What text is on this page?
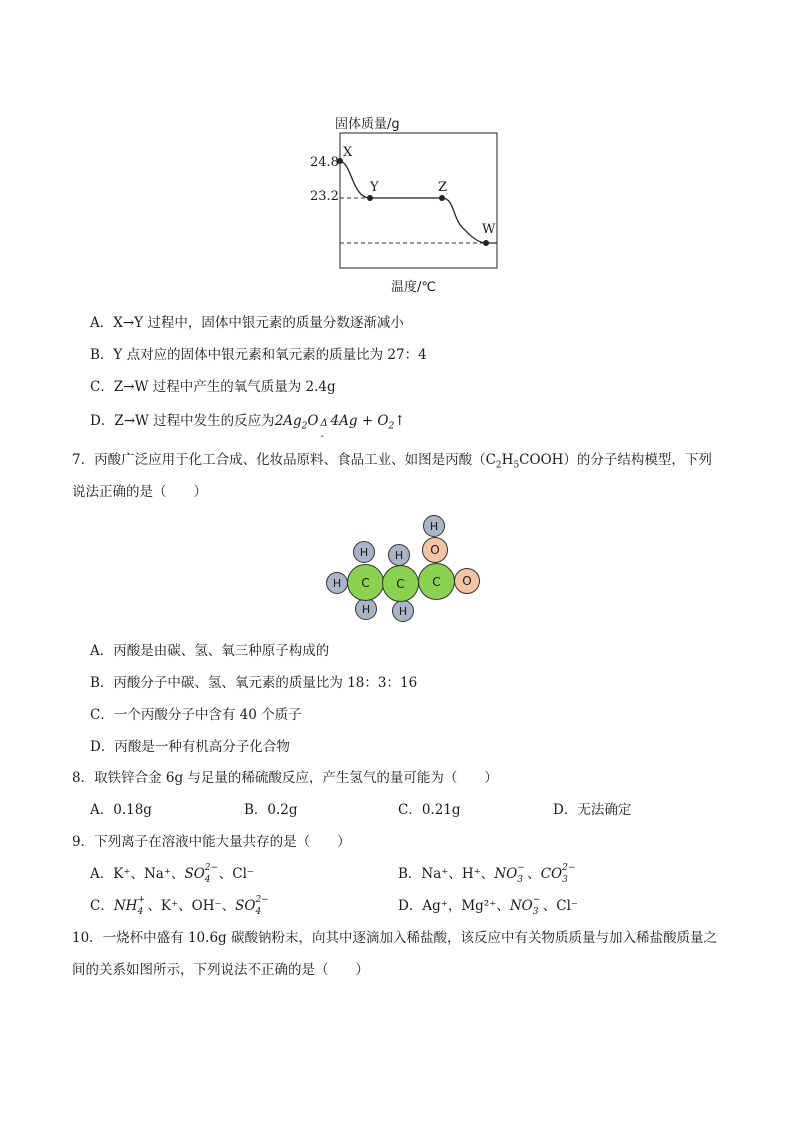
固体质量/g
24.8
23.2
X
Y	Z
W
温度/℃
A．X→Y 过程中，固体中银元素的质量分数逐渐减小
B．Y 点对应的固体中银元素和氧元素的质量比为 27：4
C．Z→W 过程中产生的氧气质量为 2.4g
D．Z→W 过程中发生的反应为$2Ag_2O$ Δ
-
$4Ag + O_2↑$
7．丙酸广泛应用于化工合成、化妆品原料、食品工业、如图是丙酸$(C_2H_5COOH)$的分子结构模型，下列
说法正确的是（　　）
H
H
H
H
H
H
O
C	C	C	O
A．丙酸是由碳、氢、氧三种原子构成的
B．丙酸分子中碳、氢、氧元素的质量比为 18：3：16
C．一个丙酸分子中含有 40 个质子
D．丙酸是一种有机高分子化合物
8．取铁锌合金 6g 与足量的稀硫酸反应，产生氢气的量可能为（　　）
A．0.18g	B．0.2g	C．0.21g	D．无法确定
9．下列离子在溶液中能大量共存的是（　　）
A．K⁺、Na⁺、SO 2−
4 、Cl⁻	B．Na⁺、H⁺、NO −
3 、CO 2−
3
C．NH +
4 、K⁺、OH⁻、SO 2−
4	D．Ag⁺，Mg²⁺、NO −
3 、Cl⁻
10．一烧杯中盛有 10.6g 碳酸钠粉末，向其中逐滴加入稀盐酸，该反应中有关物质质量与加入稀盐酸质量之
间的关系如图所示，下列说法不正确的是（　　）
